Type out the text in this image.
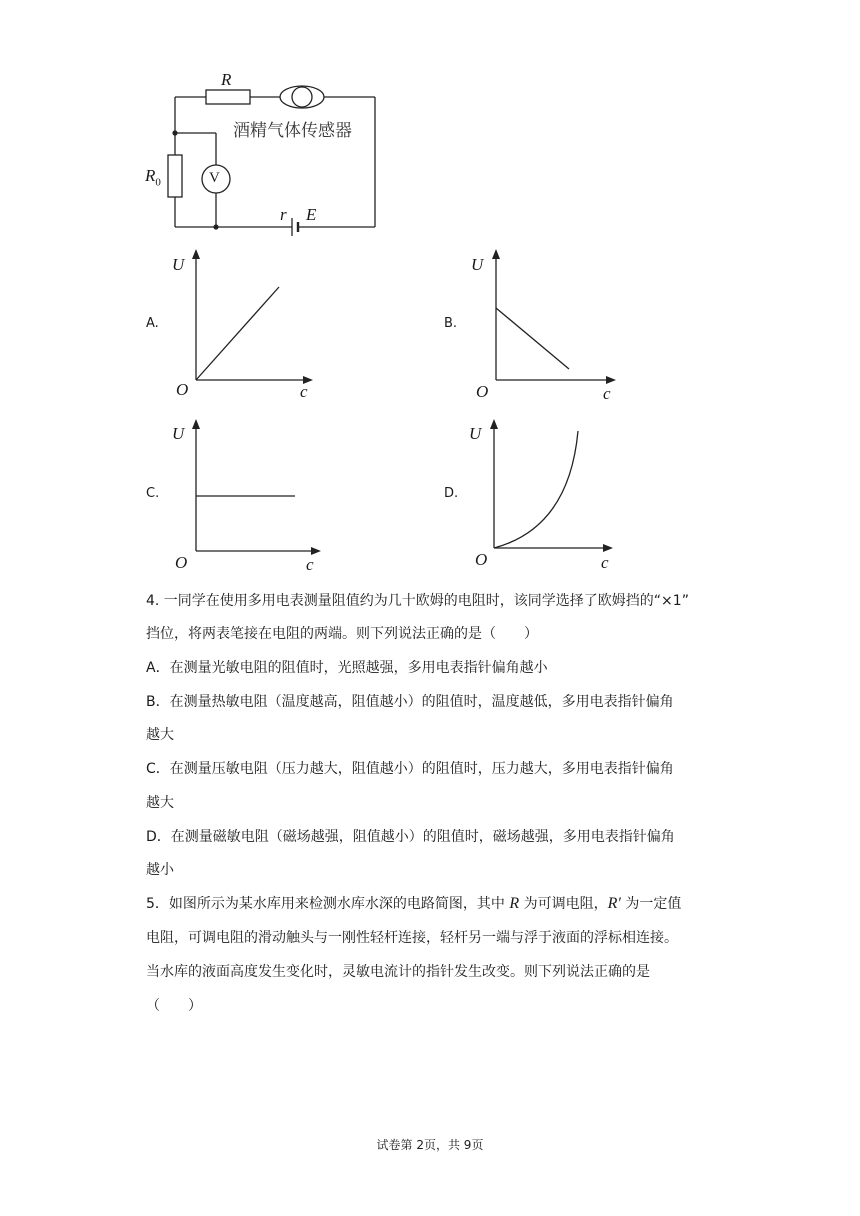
R
酒精气体传感器
$R_0$	V
r E
A.
U
O	c
B.
U
O	c
C.
U
O	c
D.
U
O	c
4. 一同学在使用多用电表测量阻值约为几十欧姆的电阻时，该同学选择了欧姆挡的“×1”
挡位，将两表笔接在电阻的两端。则下列说法正确的是（　　）
A．在测量光敏电阻的阻值时，光照越强，多用电表指针偏角越小
B．在测量热敏电阻（温度越高，阻值越小）的阻值时，温度越低，多用电表指针偏角
越大
C．在测量压敏电阻（压力越大，阻值越小）的阻值时，压力越大，多用电表指针偏角
越大
D．在测量磁敏电阻（磁场越强，阻值越小）的阻值时，磁场越强，多用电表指针偏角
越小
5．如图所示为某水库用来检测水库水深的电路简图，其中 R 为可调电阻，R′ 为一定值
电阻，可调电阻的滑动触头与一刚性轻杆连接，轻杆另一端与浮于液面的浮标相连接。
当水库的液面高度发生变化时，灵敏电流计的指针发生改变。则下列说法正确的是
（　　）
试卷第 2页，共 9页
